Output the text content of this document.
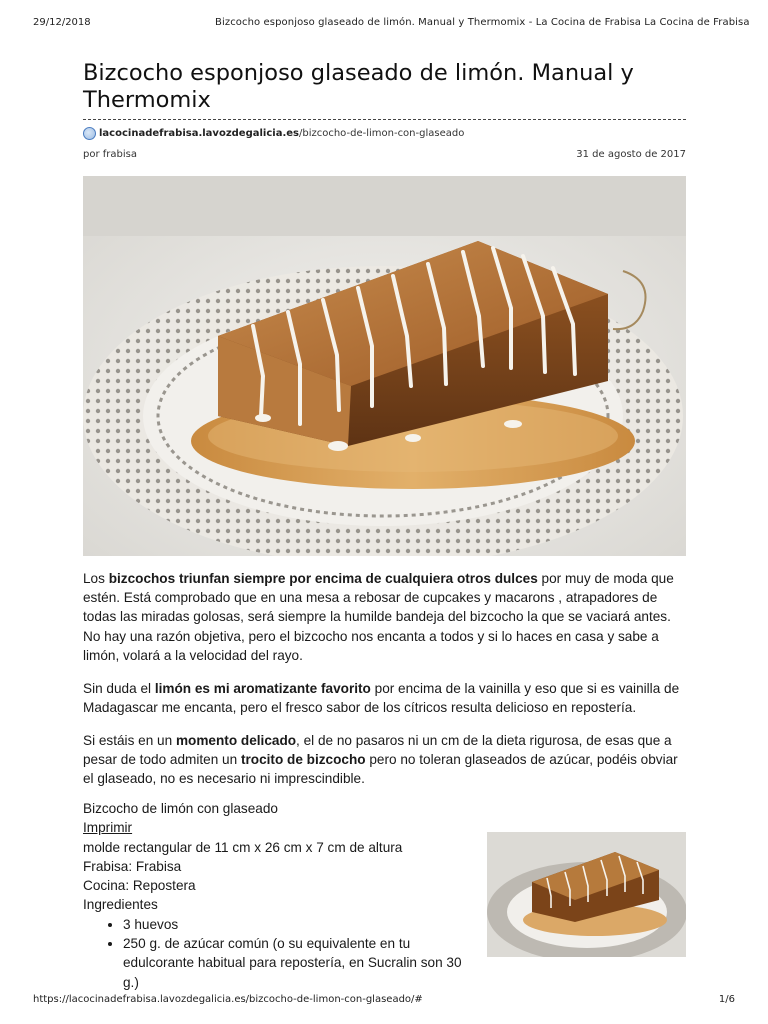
29/12/2018	Bizcocho esponjoso glaseado de limón. Manual y Thermomix - La Cocina de Frabisa La Cocina de Frabisa
Bizcocho esponjoso glaseado de limón. Manual y Thermomix
lacocinadefrabisa.lavozdegalicia.es /bizcocho-de-limon-con-glaseado
por frabisa	31 de agosto de 2017

Los bizcochos triunfan siempre por encima de cualquiera otros dulces por muy de moda que estén. Está comprobado que en una mesa a rebosar de cupcakes y macarons , atrapadores de todas las miradas golosas, será siempre la humilde bandeja del bizcocho la que se vaciará antes. No hay una razón objetiva, pero el bizcocho nos encanta a todos y si lo haces en casa y sabe a limón, volará a la velocidad del rayo.

Sin duda el limón es mi aromatizante favorito por encima de la vainilla y eso que si es vainilla de Madagascar me encanta, pero el fresco sabor de los cítricos resulta delicioso en repostería.

Si estáis en un momento delicado, el de no pasaros ni un cm de la dieta rigurosa, de esas que a pesar de todo admiten un trocito de bizcocho pero no toleran glaseados de azúcar, podéis obviar el glaseado, no es necesario ni imprescindible.

Bizcocho de limón con glaseado
Imprimir
molde rectangular de 11 cm x 26 cm x 7 cm de altura
Frabisa: Frabisa
Cocina: Repostera
Ingredientes
• 3 huevos
• 250 g. de azúcar común (o su equivalente en tu edulcorante habitual para repostería, en Sucralin son 30 g.)
https://lacocinadefrabisa.lavozdegalicia.es/bizcocho-de-limon-con-glaseado/#	1/6
